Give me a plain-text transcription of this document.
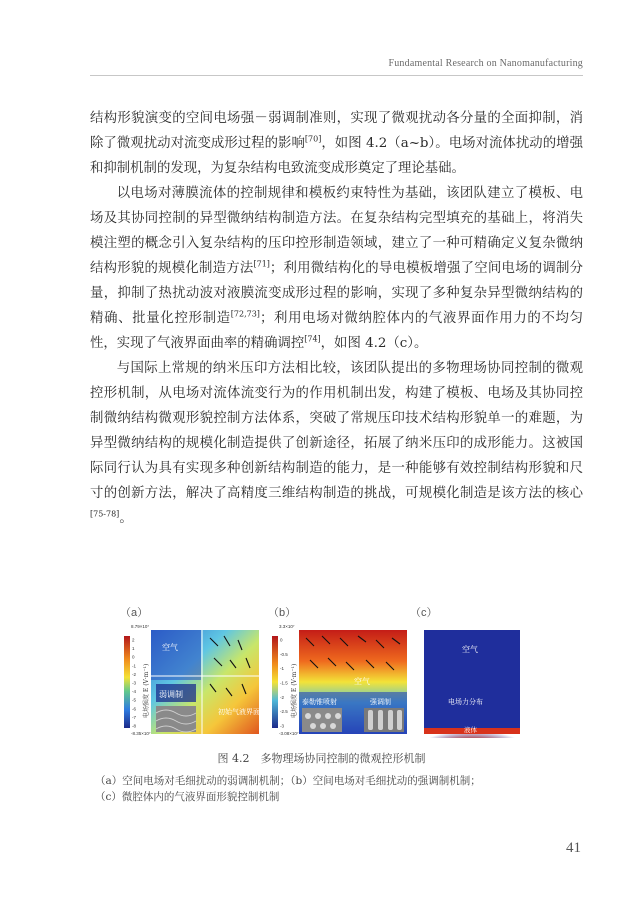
Fundamental Research on Nanomanufacturing

结构形貌演变的空间电场强－弱调制准则，实现了微观扰动各分量的全面抑制，消除了微观扰动对流变成形过程的影响[70]，如图 4.2（a~b）。电场对流体扰动的增强和抑制机制的发现，为复杂结构电致流变成形奠定了理论基础。

以电场对薄膜流体的控制规律和模板约束特性为基础，该团队建立了模板、电场及其协同控制的异型微纳结构制造方法。在复杂结构完型填充的基础上，将消失模注塑的概念引入复杂结构的压印控形制造领域，建立了一种可精确定义复杂微纳结构形貌的规模化制造方法[71]；利用微结构化的导电模板增强了空间电场的调制分量，抑制了热扰动波对液膜流变成形过程的影响，实现了多种复杂异型微纳结构的精确、批量化控形制造[72,73]；利用电场对微纳腔体内的气液界面作用力的不均匀性，实现了气液界面曲率的精确调控[74]，如图 4.2（c）。

与国际上常规的纳米压印方法相比较，该团队提出的多物理场协同控制的微观控形机制，从电场对流体流变行为的作用机制出发，构建了模板、电场及其协同控制微纳结构微观形貌控制方法体系，突破了常规压印技术结构形貌单一的难题，为异型微纳结构的规模化制造提供了创新途径，拓展了纳米压印的成形能力。这被国际同行认为具有实现多种创新结构制造的能力，是一种能够有效控制结构形貌和尺寸的创新方法，解决了高精度三维结构制造的挑战，可规模化制造是该方法的核心[75-78]。

（a）
8.79×10⁷
-8.35×10⁷
2
1
0
-1
-2
-3
-4
-5
-6
-7
-8
电场强度 E (V·m⁻¹)
空气
弱调制
初始气液界面
（b）
3.3×10⁷
-3.08×10⁷
0
-0.5
-1
-1.5
-2
-2.5
-3
电场强度 E (V·m⁻¹)	空气
泰勒锥喷射	强调制
（c）
空气
电场力分布
液体
图 4.2　多物理场协同控制的微观控形机制
（a）空间电场对毛细扰动的弱调制机制；（b）空间电场对毛细扰动的强调制机制；
（c）微腔体内的气液界面形貌控制机制
41
